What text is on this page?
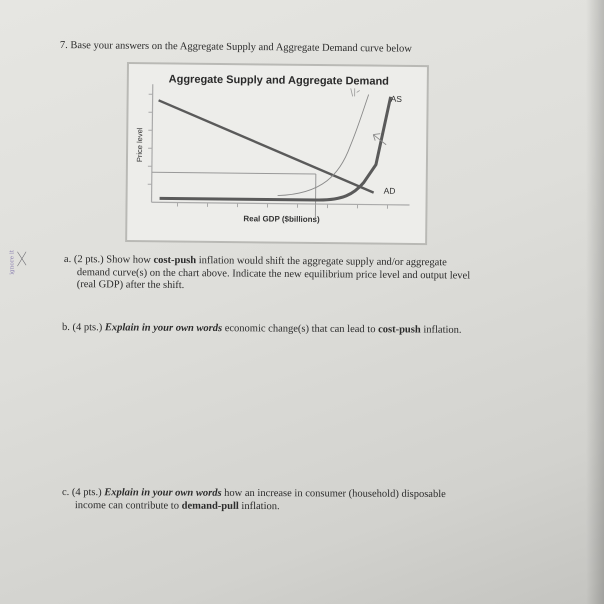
7. Base your answers on the Aggregate Supply and Aggregate Demand curve below
Aggregate Supply and Aggregate Demand
AS
AD
Real GDP ($billions)
Price level
ignore it	a. (2 pts.) Show how cost-push inflation would shift the aggregate supply and/or aggregate
demand curve(s) on the chart above. Indicate the new equilibrium price level and output level
(real GDP) after the shift.
b. (4 pts.) Explain in your own words economic change(s) that can lead to cost-push inflation.
c. (4 pts.) Explain in your own words how an increase in consumer (household) disposable
income can contribute to demand-pull inflation.
